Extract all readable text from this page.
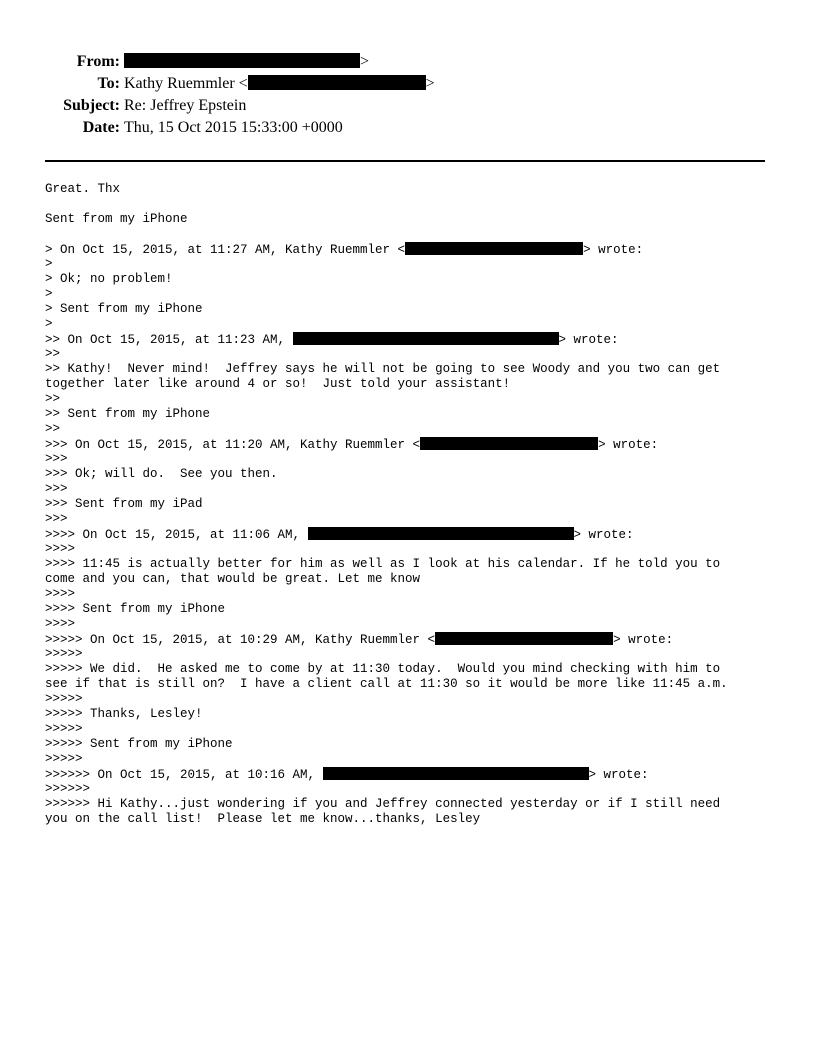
From:	>
To: Kathy Ruemmler <	>
Subject: Re: Jeffrey Epstein
Date: Thu, 15 Oct 2015 15:33:00 +0000
Great. Thx
Sent from my iPhone
> On Oct 15, 2015, at 11:27 AM, Kathy Ruemmler <	> wrote:
>
> Ok; no problem!
>
> Sent from my iPhone
>
>> On Oct 15, 2015, at 11:23 AM,	> wrote:
>>
>> Kathy!  Never mind!  Jeffrey says he will not be going to see Woody and you two can get
together later like around 4 or so!  Just told your assistant!
>>
>> Sent from my iPhone
>>
>>> On Oct 15, 2015, at 11:20 AM, Kathy Ruemmler <	> wrote:
>>>
>>> Ok; will do.  See you then.
>>>
>>> Sent from my iPad
>>>
>>>> On Oct 15, 2015, at 11:06 AM,	> wrote:
>>>>
>>>> 11:45 is actually better for him as well as I look at his calendar. If he told you to
come and you can, that would be great. Let me know
>>>>
>>>> Sent from my iPhone
>>>>
>>>>> On Oct 15, 2015, at 10:29 AM, Kathy Ruemmler <	> wrote:
>>>>>
>>>>> We did.  He asked me to come by at 11:30 today.  Would you mind checking with him to
see if that is still on?  I have a client call at 11:30 so it would be more like 11:45 a.m.
>>>>>
>>>>> Thanks, Lesley!
>>>>>
>>>>> Sent from my iPhone
>>>>>
>>>>>> On Oct 15, 2015, at 10:16 AM,	> wrote:
>>>>>>
>>>>>> Hi Kathy...just wondering if you and Jeffrey connected yesterday or if I still need
you on the call list!  Please let me know...thanks, Lesley
